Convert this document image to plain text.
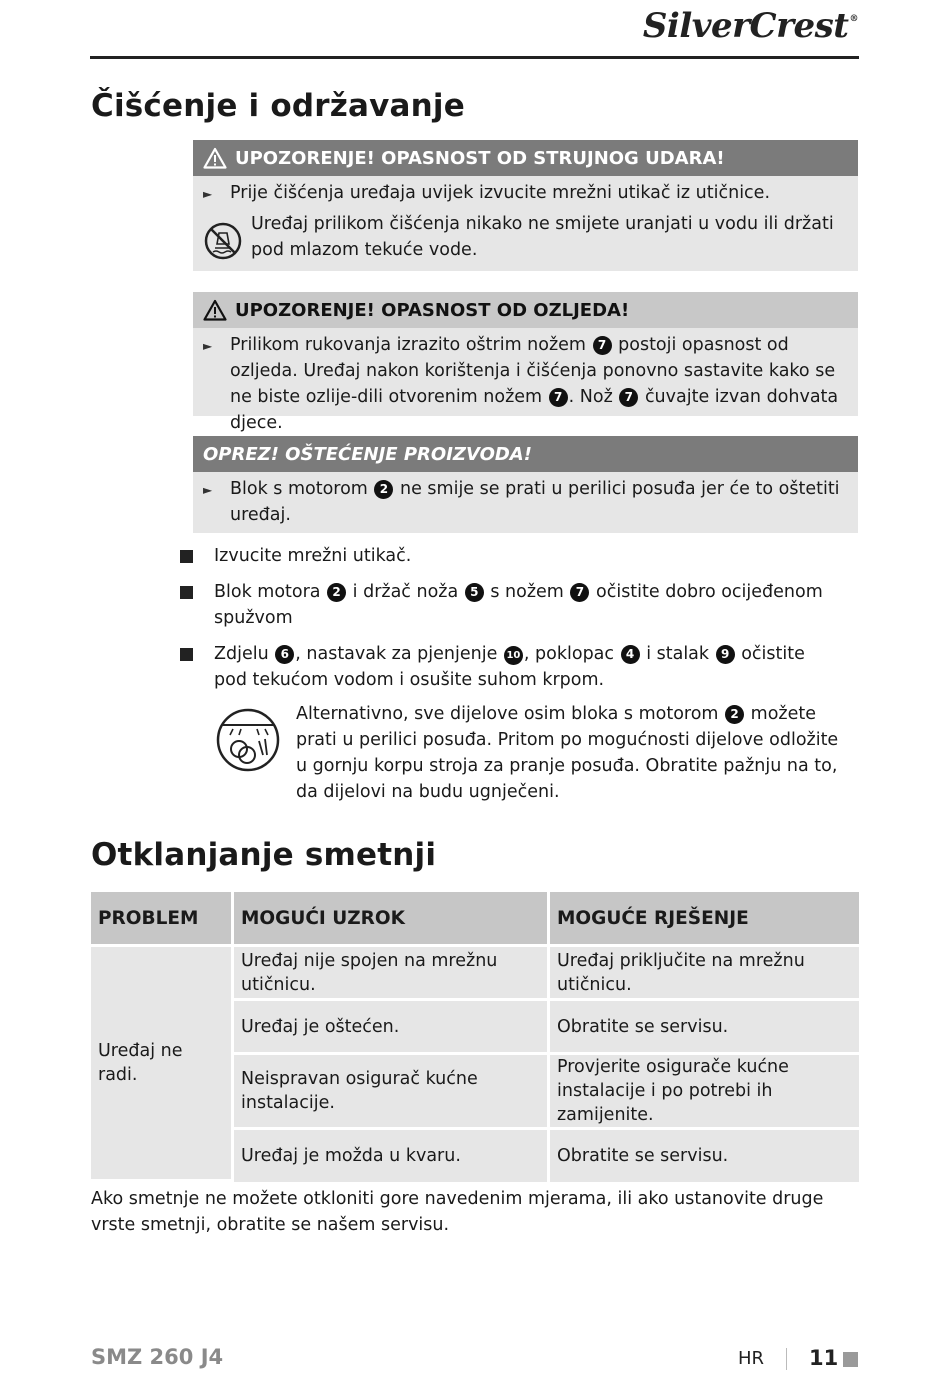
SilverCrest®
Čišćenje i održavanje
UPOZORENJE! OPASNOST OD STRUJNOG UDARA!
►	Prije čišćenja uređaja uvijek izvucite mrežni utikač iz utičnice.
Uređaj prilikom čišćenja nikako ne smijete uranjati u vodu ili držati pod mlazom tekuće vode.
UPOZORENJE! OPASNOST OD OZLJEDA!
►	Prilikom rukovanja izrazito oštrim nožem 7 postoji opasnost od ozljeda. Uređaj nakon korištenja i čišćenja ponovno sastavite kako se ne biste ozlije-dili otvorenim nožem 7 . Nož 7 čuvajte izvan dohvata djece.
OPREZ! OŠTEĆENJE PROIZVODA!
►	Blok s motorom 2 ne smije se prati u perilici posuđa jer će to oštetiti uređaj.
Izvucite mrežni utikač.
Blok motora 2 i držač noža 5 s nožem 7 očistite dobro ocijeđenom spužvom
Zdjelu 6 , nastavak za pjenjenje 10 , poklopac 4 i stalak 9 očistite pod tekućom vodom i osušite suhom krpom.
Alternativno, sve dijelove osim bloka s motorom 2 možete prati u perilici posuđa. Pritom po mogućnosti dijelove odložite u gornju korpu stroja za pranje posuđa. Obratite pažnju na to, da dijelovi na budu ugnječeni.
Otklanjanje smetnji
PROBLEM	MOGUĆI UZROK	MOGUĆE RJEŠENJE
Uređaj ne radi.	Uređaj nije spojen na mrežnu utičnicu.	Uređaj priključite na mrežnu utičnicu.
	Uređaj je oštećen.	Obratite se servisu.
	Neispravan osigurač kućne instalacije.	Provjerite osigurače kućne instalacije i po potrebi ih zamijenite.
	Uređaj je možda u kvaru.	Obratite se servisu.
Ako smetnje ne možete otkloniti gore navedenim mjerama, ili ako ustanovite druge vrste smetnji, obratite se našem servisu.
SMZ 260 J4	HR 11
